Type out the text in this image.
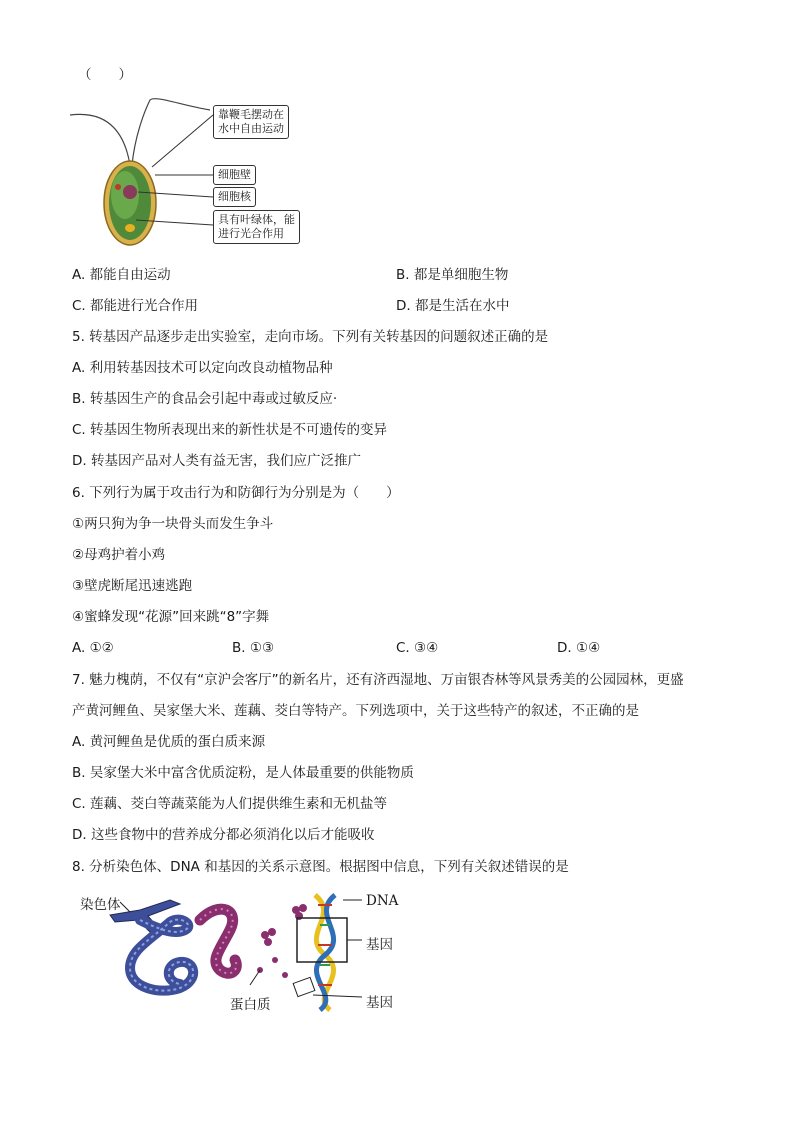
（　　）
靠鞭毛摆动在
水中自由运动
细胞壁
细胞核
具有叶绿体，能
进行光合作用
A. 都能自由运动	B. 都是单细胞生物
C. 都能进行光合作用	D. 都是生活在水中
5. 转基因产品逐步走出实验室，走向市场。下列有关转基因的问题叙述正确的是
A. 利用转基因技术可以定向改良动植物品种
B. 转基因生产的食品会引起中毒或过敏反应·
C. 转基因生物所表现出来的新性状是不可遗传的变异
D. 转基因产品对人类有益无害，我们应广泛推广
6. 下列行为属于攻击行为和防御行为分别是为（　　）
①两只狗为争一块骨头而发生争斗
②母鸡护着小鸡
③壁虎断尾迅速逃跑
④蜜蜂发现“花源”回来跳“8”字舞
A. ①②	B. ①③	C. ③④	D. ①④
7. 魅力槐荫，不仅有“京沪会客厅”的新名片，还有济西湿地、万亩银杏林等风景秀美的公园园林，更盛
产黄河鲤鱼、吴家堡大米、莲藕、茭白等特产。下列选项中，关于这些特产的叙述，不正确的是
A. 黄河鲤鱼是优质的蛋白质来源
B. 吴家堡大米中富含优质淀粉，是人体最重要的供能物质
C. 莲藕、茭白等蔬菜能为人们提供维生素和无机盐等
D. 这些食物中的营养成分都必须消化以后才能吸收
8. 分析染色体、DNA 和基因的关系示意图。根据图中信息，下列有关叙述错误的是
染色体	DNA
基因
蛋白质	基因
